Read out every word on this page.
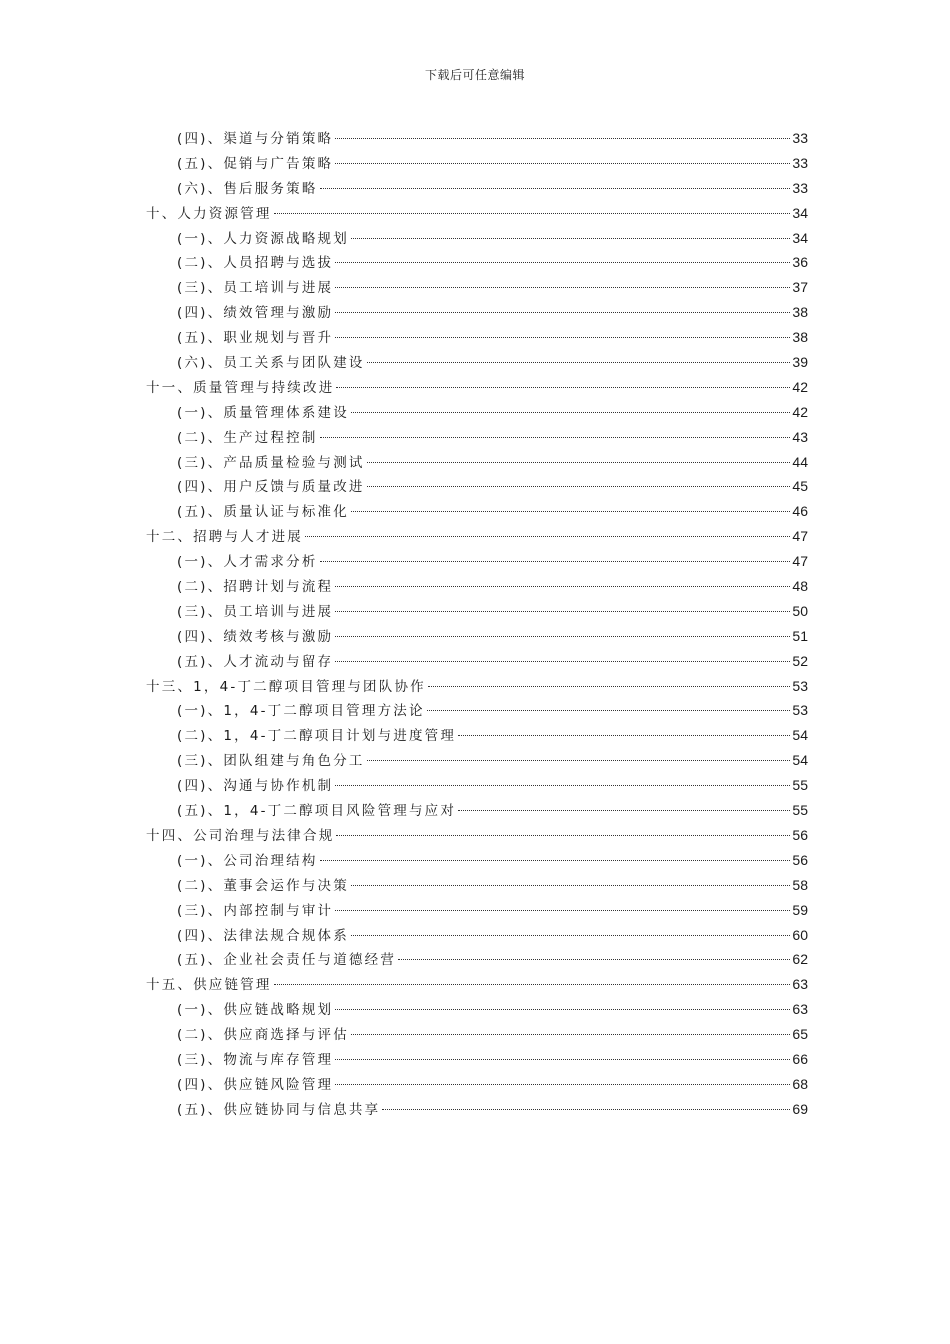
下载后可任意编辑
(四)、渠道与分销策略	33
(五)、促销与广告策略	33
(六)、售后服务策略	33
十、人力资源管理	34
(一)、人力资源战略规划	34
(二)、人员招聘与选拔	36
(三)、员工培训与进展	37
(四)、绩效管理与激励	38
(五)、职业规划与晋升	38
(六)、员工关系与团队建设	39
十一、质量管理与持续改进	42
(一)、质量管理体系建设	42
(二)、生产过程控制	43
(三)、产品质量检验与测试	44
(四)、用户反馈与质量改进	45
(五)、质量认证与标准化	46
十二、招聘与人才进展	47
(一)、人才需求分析	47
(二)、招聘计划与流程	48
(三)、员工培训与进展	50
(四)、绩效考核与激励	51
(五)、人才流动与留存	52
十三、1，4-丁二醇项目管理与团队协作	53
(一)、1，4-丁二醇项目管理方法论	53
(二)、1，4-丁二醇项目计划与进度管理	54
(三)、团队组建与角色分工	54
(四)、沟通与协作机制	55
(五)、1，4-丁二醇项目风险管理与应对	55
十四、公司治理与法律合规	56
(一)、公司治理结构	56
(二)、董事会运作与决策	58
(三)、内部控制与审计	59
(四)、法律法规合规体系	60
(五)、企业社会责任与道德经营	62
十五、供应链管理	63
(一)、供应链战略规划	63
(二)、供应商选择与评估	65
(三)、物流与库存管理	66
(四)、供应链风险管理	68
(五)、供应链协同与信息共享	69
